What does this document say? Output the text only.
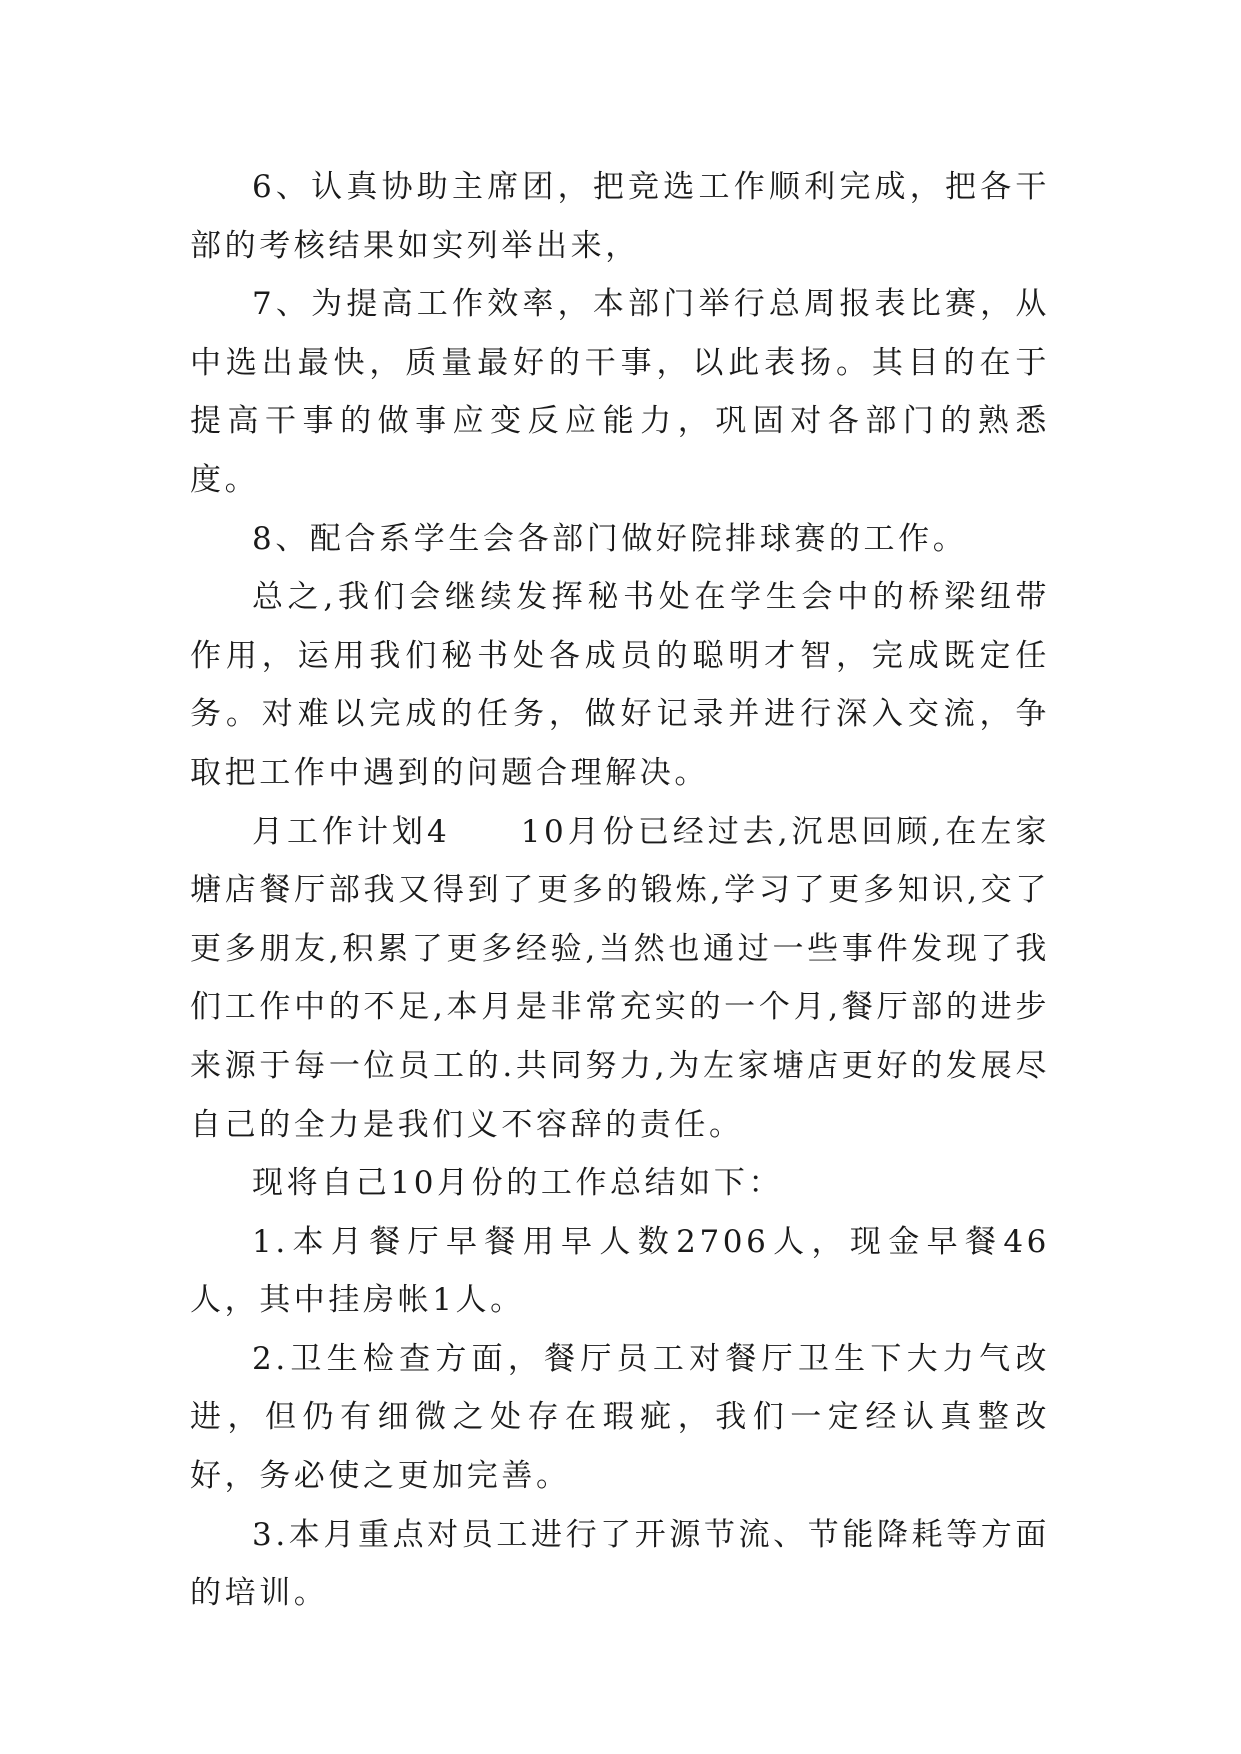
6、认真协助主席团，把竞选工作顺利完成，把各干部的考核结果如实列举出来，

7、为提高工作效率，本部门举行总周报表比赛，从中选出最快，质量最好的干事，以此表扬。其目的在于提高干事的做事应变反应能力，巩固对各部门的熟悉度。

8、配合系学生会各部门做好院排球赛的工作。

总之,我们会继续发挥秘书处在学生会中的桥梁纽带作用，运用我们秘书处各成员的聪明才智，完成既定任务。对难以完成的任务，做好记录并进行深入交流，争取把工作中遇到的问题合理解决。

月工作计划4　　10月份已经过去,沉思回顾,在左家塘店餐厅部我又得到了更多的锻炼,学习了更多知识,交了更多朋友,积累了更多经验,当然也通过一些事件发现了我们工作中的不足,本月是非常充实的一个月,餐厅部的进步来源于每一位员工的.共同努力,为左家塘店更好的发展尽自己的全力是我们义不容辞的责任。

现将自己10月份的工作总结如下：

1.本月餐厅早餐用早人数2706人，现金早餐46人，其中挂房帐1人。

2.卫生检查方面，餐厅员工对餐厅卫生下大力气改进，但仍有细微之处存在瑕疵，我们一定经认真整改好，务必使之更加完善。

3.本月重点对员工进行了开源节流、节能降耗等方面的培训。
